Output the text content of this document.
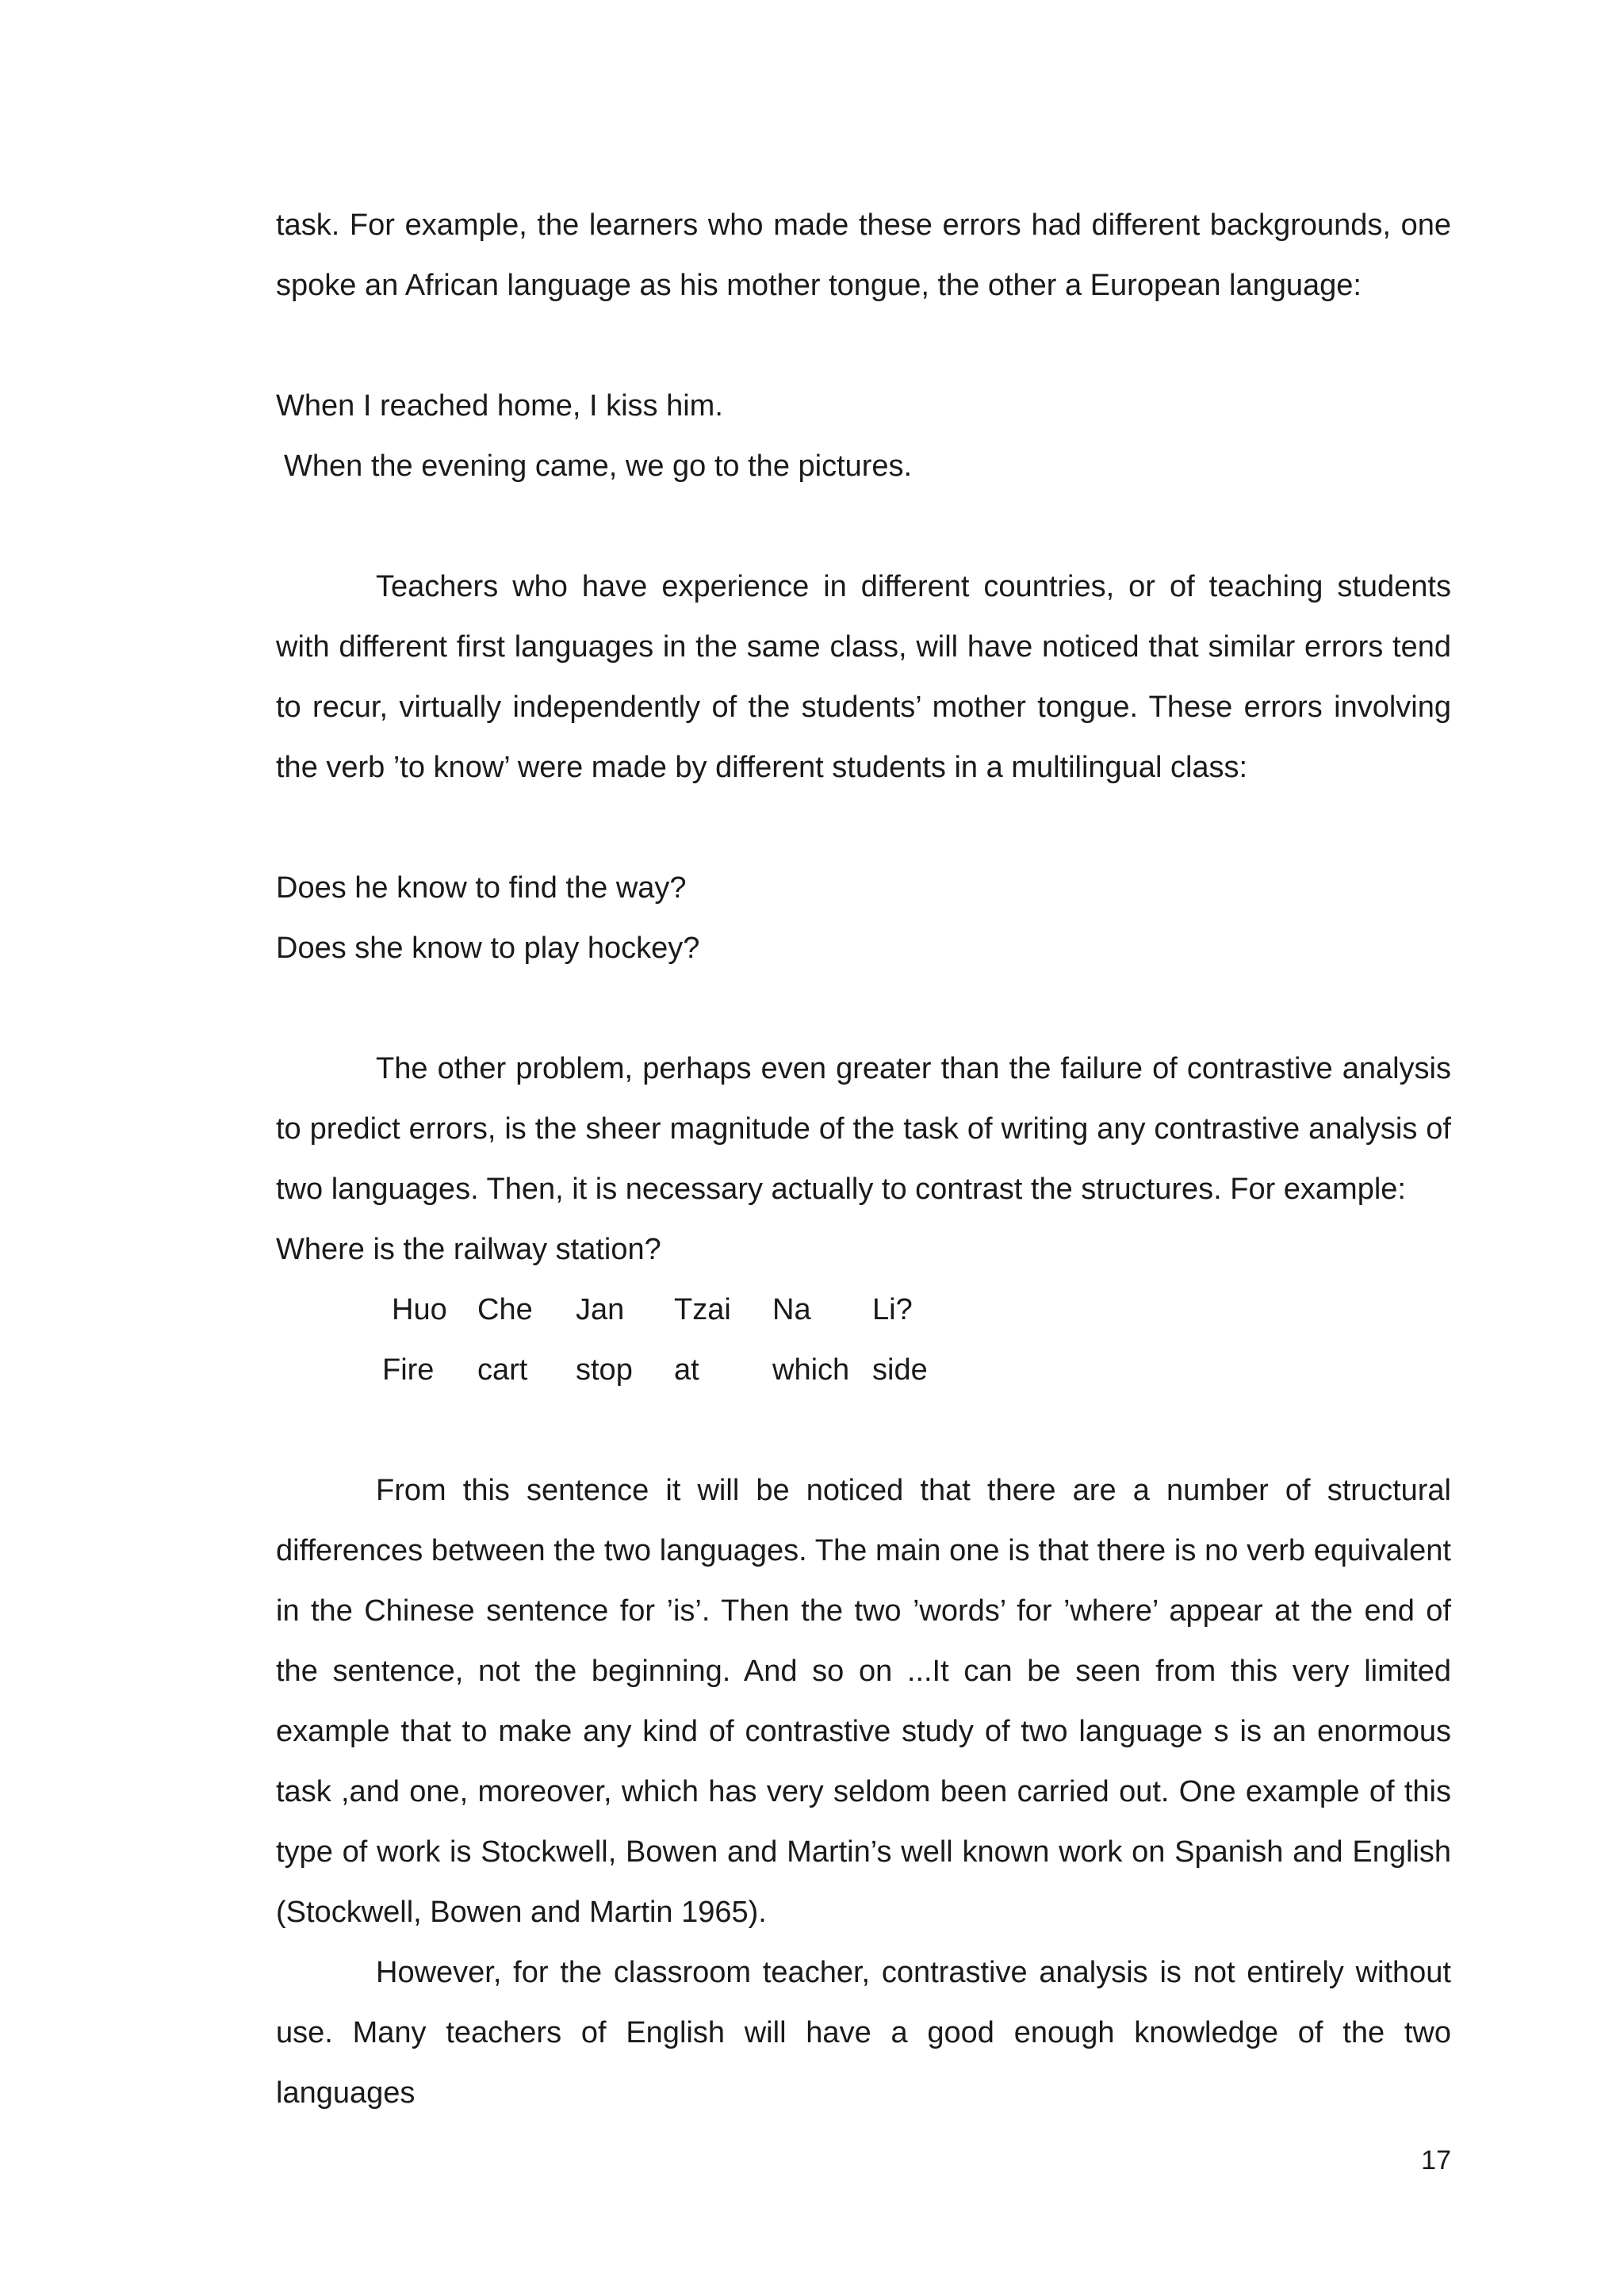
task. For example, the learners who made these errors had different backgrounds, one spoke an African language as his mother tongue, the other a European language:

When I reached home, I kiss him.
When the evening came, we go to the pictures.

Teachers who have experience in different countries, or of teaching students with different first languages in the same class, will have noticed that similar errors tend to recur, virtually independently of the students’ mother tongue. These errors involving the verb ’to know’ were made by different students in a multilingual class:

Does he know to find the way?
Does she know to play hockey?

The other problem, perhaps even greater than the failure of contrastive analysis to predict errors, is the sheer magnitude of the task of writing any contrastive analysis of two languages. Then, it is necessary actually to contrast the structures. For example:

Where is the railway station?

Huo	Che	Jan	Tzai	Na	Li?
Fire	cart	stop	at	which	side

From this sentence it will be noticed that there are a number of structural differences between the two languages. The main one is that there is no verb equivalent in the Chinese sentence for ’is’. Then the two ’words’ for ’where’ appear at the end of the sentence, not the beginning. And so on ...It can be seen from this very limited example that to make any kind of contrastive study of two language s is an enormous task ,and one, moreover, which has very seldom been carried out. One example of this type of work is Stockwell, Bowen and Martin’s well known work on Spanish and English (Stockwell, Bowen and Martin 1965).

However, for the classroom teacher, contrastive analysis is not entirely without use. Many teachers of English will have a good enough knowledge of the two languages

17
